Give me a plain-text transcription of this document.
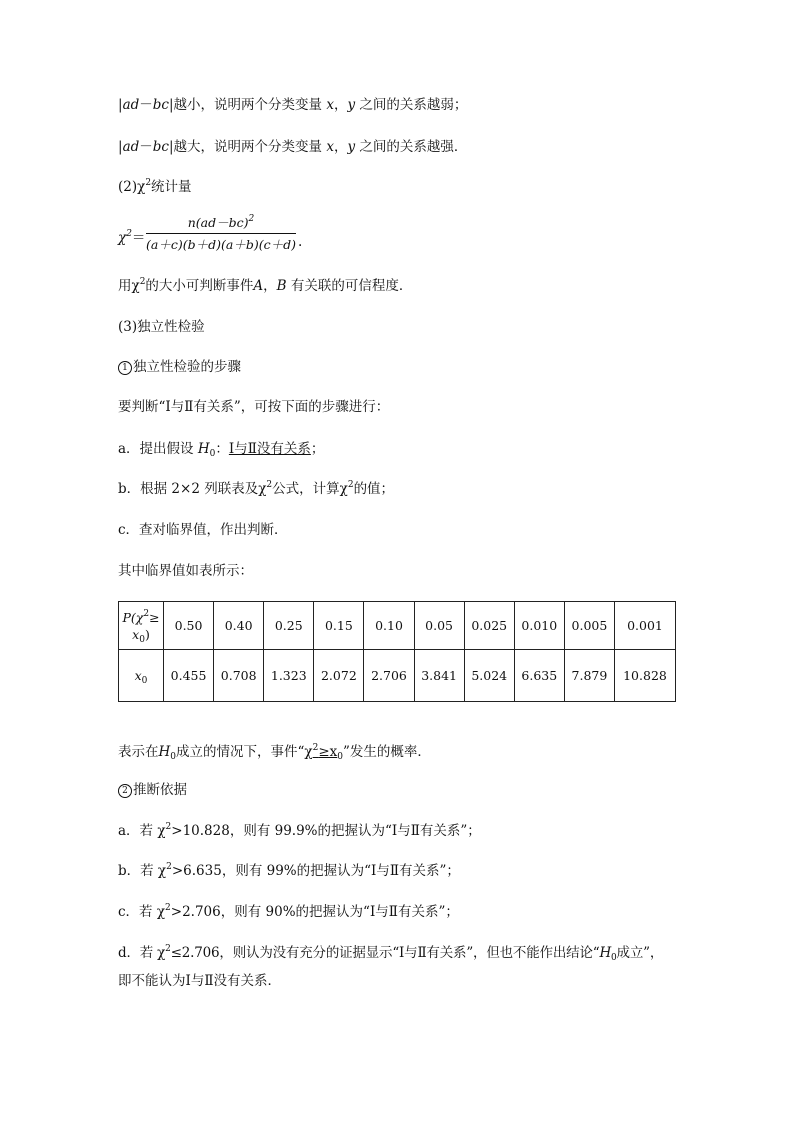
|ad－bc|越小，说明两个分类变量 x，y 之间的关系越弱；
|ad－bc|越大，说明两个分类变量 x，y 之间的关系越强．
$(2)\chi^2$统计量
$\chi^2=$
$n(ad-bc)^2$
(a＋c)(b＋d)(a＋b)(c＋d) .
用$\chi^2$的大小可判断事件A，B 有关联的可信程度．
(3)独立性检验
1 独立性检验的步骤
要判断“Ⅰ与Ⅱ有关系”，可按下面的步骤进行：
a．提出假设 $H_0$：Ⅰ与Ⅱ没有关系；
b．根据 2×2 列联表及$\chi^2$公式，计算$\chi^2$的值；
c．查对临界值，作出判断．
其中临界值如表所示：
$P(\chi^2\ge$
$x_0$)	0.50	0.40	0.25	0.15	0.10	0.05	0.025	0.010	0.005	0.001
$x_0$	0.455	0.708	1.323	2.072	2.706	3.841	5.024	6.635	7.879	10.828
表示在$H_0$成立的情况下，事件“$\chi^2\ge x_0$”发生的概率．
2 推断依据
a．若 $\chi^2>10.828$，则有 99.9%的把握认为“Ⅰ与Ⅱ有关系”；
b．若 $\chi^2>6.635$，则有 99%的把握认为“Ⅰ与Ⅱ有关系”；
c．若 $\chi^2>2.706$，则有 90%的把握认为“Ⅰ与Ⅱ有关系”；
d．若 $\chi^2\le 2.706$，则认为没有充分的证据显示“Ⅰ与Ⅱ有关系”，但也不能作出结论“$H_0$成立”，
即不能认为Ⅰ与Ⅱ没有关系．
